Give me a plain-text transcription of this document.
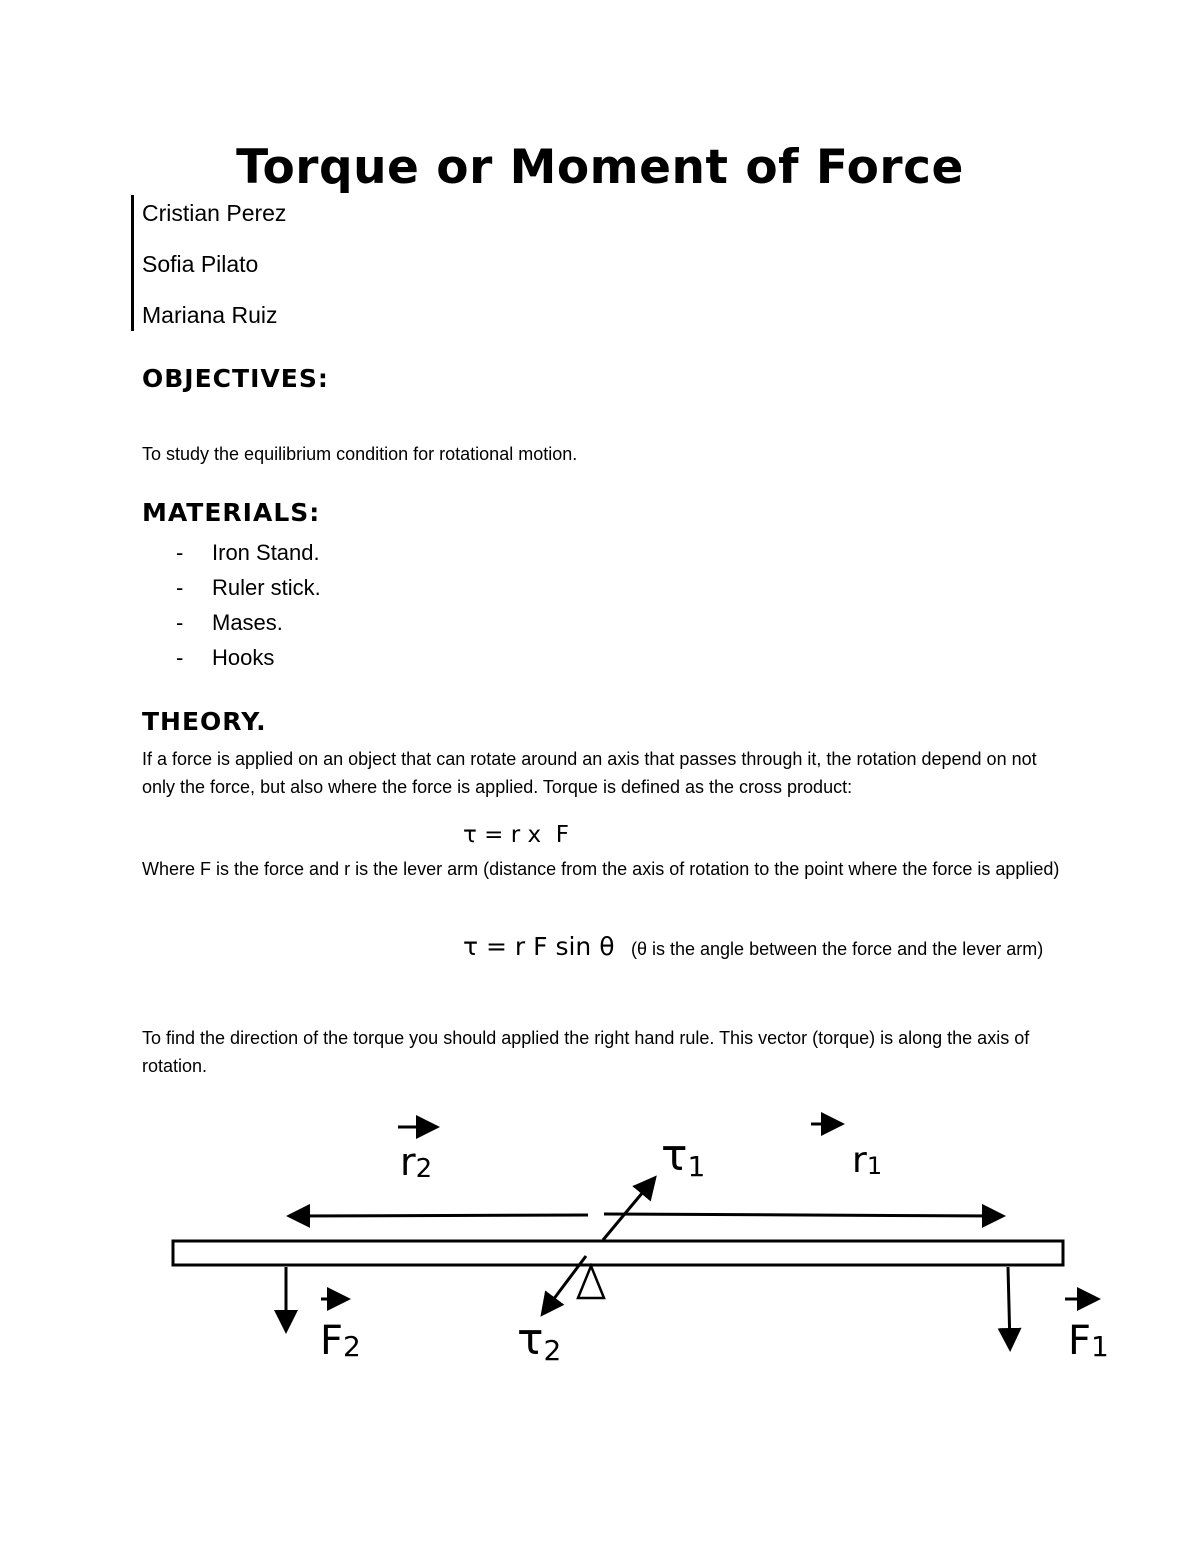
Torque or Moment of Force
Cristian Perez
Sofia Pilato
Mariana Ruiz
OBJECTIVES:
To study the equilibrium condition for rotational motion.
MATERIALS:
- Iron Stand.
- Ruler stick.
- Mases.
- Hooks
THEORY.
If a force is applied on an object that can rotate around an axis that passes through it, the rotation depend on not only the force, but also where the force is applied. Torque is defined as the cross product:
τ = r x  F
Where F is the force and r is the lever arm (distance from the axis of rotation to the point where the force is applied)
τ = r F sin θ (θ is the angle between the force and the lever arm)
To find the direction of the torque you should applied the right hand rule. This vector (torque) is along the axis of rotation.
r2	r1
τ1
τ2
F2	F1
